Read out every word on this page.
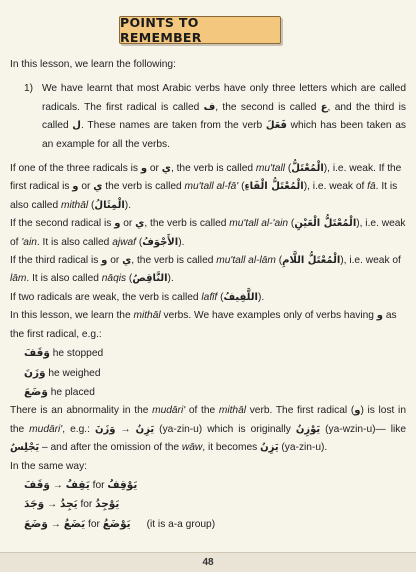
POINTS TO REMEMBER

In this lesson, we learn the following:

1) We have learnt that most Arabic verbs have only three letters which are called radicals. The first radical is called ف, the second is called ع, and the third is called ل. These names are taken from the verb فَعَلَ which has been taken as an example for all the verbs.

If one of the three radicals is و or ي, the verb is called mu'tall (الْمُعْتَلُّ), i.e. weak. If the first radical is و or ي the verb is called mu'tall al-fā' (الْمُعْتَلُّ الْفَاءِ), i.e. weak of fā. It is also called mithāl (الْمِثَالُ).

If the second radical is و or ي, the verb is called mu'tall al-'ain (الْمُعْتَلُّ الْعَيْنِ), i.e. weak of 'ain. It is also called ajwaf (الأَجْوَفُ).

If the third radical is و or ي, the verb is called mu'tall al-lām (الْمُعْتَلُّ اللَّامِ), i.e. weak of lām. It is also called nāqis (النَّاقِصُ).

If two radicals are weak, the verb is called lafīf (اللَّفِيفُ).

In this lesson, we learn the mithāl verbs. We have examples only of verbs having و as the first radical, e.g.:

وَقَفَ he stopped
وَزَنَ he weighed
وَضَعَ he placed

There is an abnormality in the mudāri' of the mithāl verb. The first radical (و) is lost in the mudāri', e.g.: وَزَنَ → يَزِنُ (ya-zin-u) which is originally يَوْزِنُ (ya-wzin-u)— like يَجْلِسُ – and after the omission of the wāw, it becomes يَزِنُ (ya-zin-u).

In the same way:

وَقَفَ → يَقِفُ for يَوْقِفُ
وَجَدَ → يَجِدُ for يَوْجِدُ
وَضَعَ → يَضَعُ for يَوْضَعُ (it is a-a group)
48
